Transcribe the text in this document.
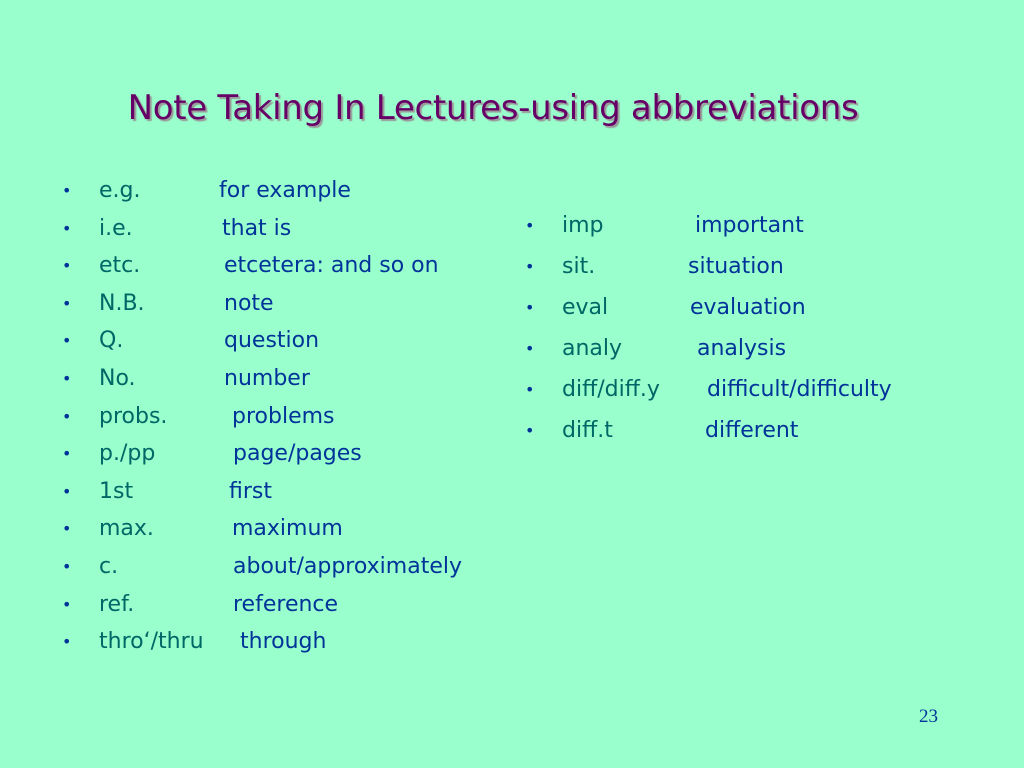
Note Taking In Lectures-using abbreviations
• e.g.	for example
• i.e.	that is
• etc.	etcetera: and so on
• N.B.	note
• Q.	question
• No.	number
• probs.	problems
• p./pp	page/pages
• 1st	first
• max.	maximum
• c.	about/approximately
• ref.	reference
• thro‘/thru through
• imp	important
• sit.	situation
• eval	evaluation
• analy	analysis
• diff/diff.y difficult/difficulty
• diff.t	different
23
